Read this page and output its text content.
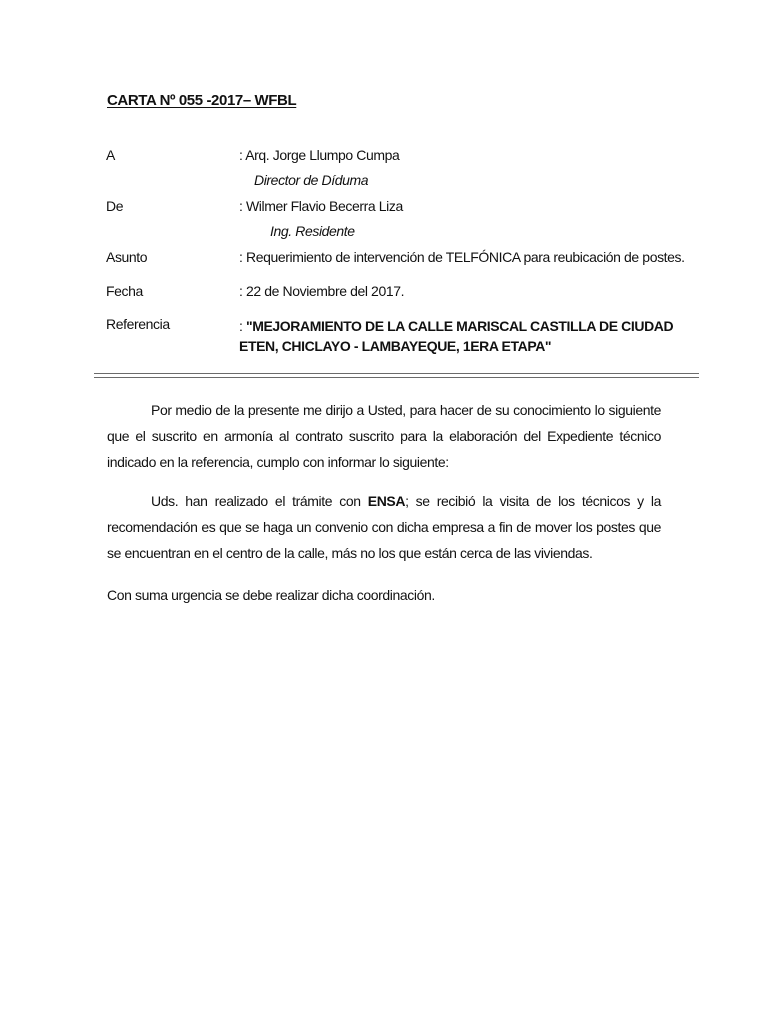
CARTA Nº 055 -2017– WFBL
A	: Arq. Jorge Llumpo Cumpa
Director de Díduma
De	: Wilmer Flavio Becerra Liza
Ing. Residente
Asunto	: Requerimiento de intervención de TELFÓNICA para reubicación de postes.
Fecha	: 22 de Noviembre del 2017.
Referencia	: "MEJORAMIENTO DE LA CALLE MARISCAL CASTILLA DE CIUDAD ETEN, CHICLAYO - LAMBAYEQUE, 1ERA ETAPA"
Por medio de la presente me dirijo a Usted, para hacer de su conocimiento lo siguiente que el suscrito en armonía al contrato suscrito para la elaboración del Expediente técnico indicado en la referencia, cumplo con informar lo siguiente:
Uds. han realizado el trámite con ENSA; se recibió la visita de los técnicos y la recomendación es que se haga un convenio con dicha empresa a fin de mover los postes que se encuentran en el centro de la calle, más no los que están cerca de las viviendas.
Con suma urgencia se debe realizar dicha coordinación.
